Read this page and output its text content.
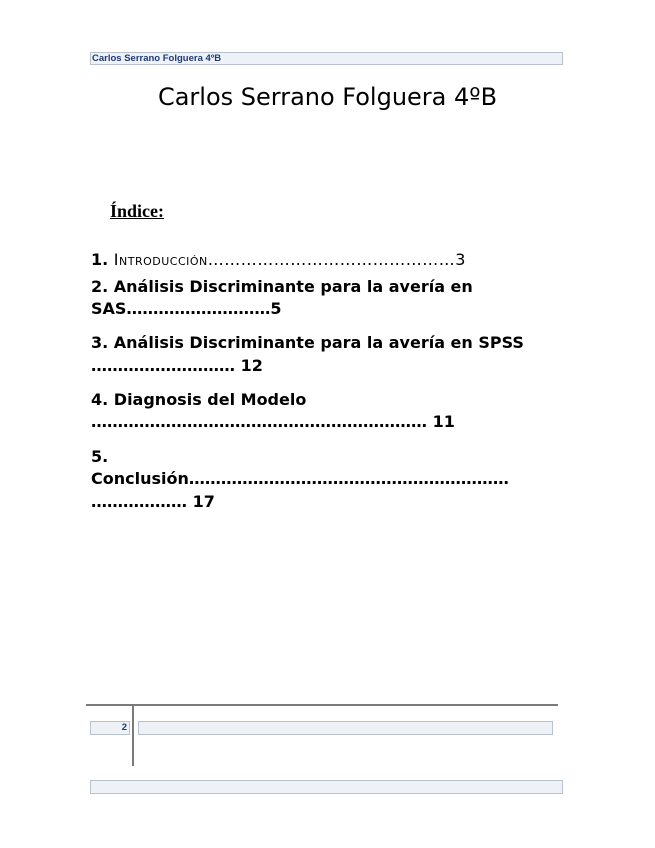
Carlos Serrano Folguera 4ºB
Carlos Serrano Folguera 4ºB
Índice:
1. Introducción………………………………………3
2. Análisis Discriminante para la avería en
SAS………………………5
3. Análisis Discriminante para la avería en SPSS
……………………… 12
4. Diagnosis del Modelo
……………………………………………………… 11
5.
Conclusión……………………………………………………
……………… 17
2
